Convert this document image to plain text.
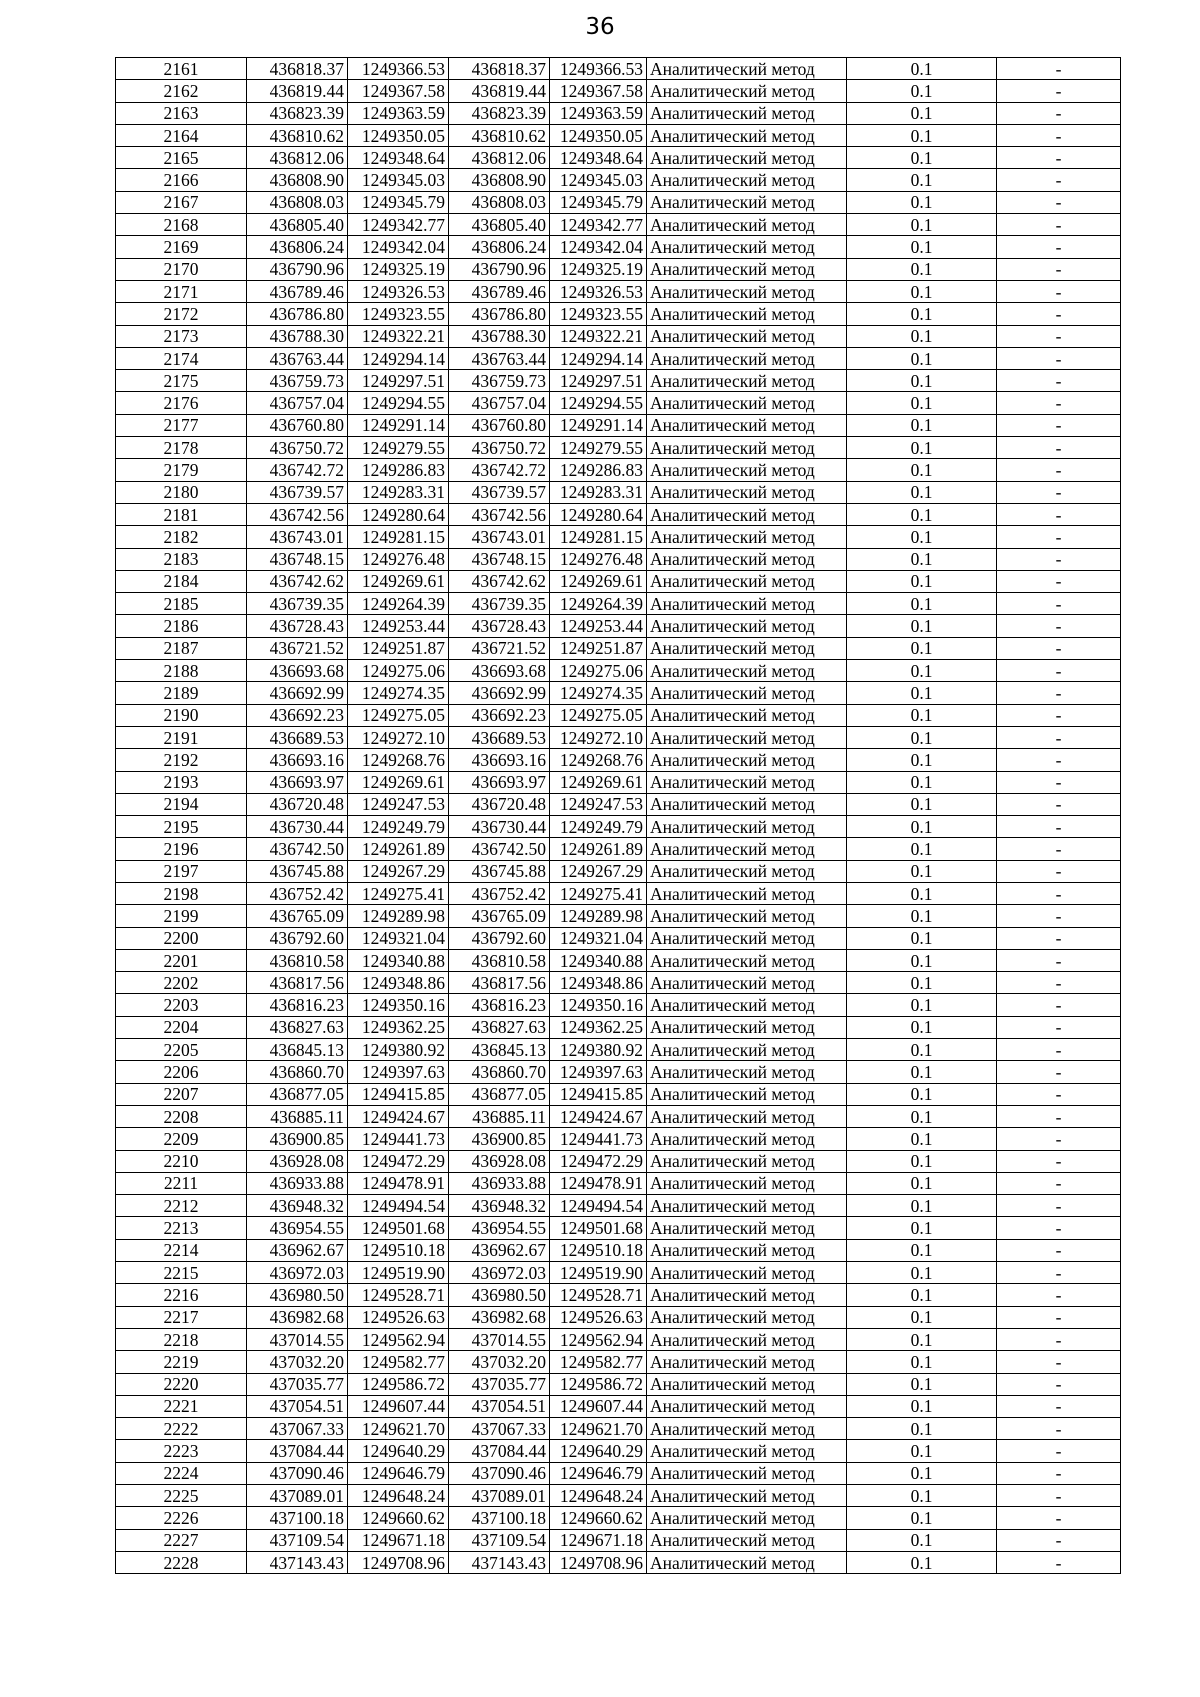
36
2161	436818.37	1249366.53	436818.37	1249366.53	Аналитический метод	0.1	-
2162	436819.44	1249367.58	436819.44	1249367.58	Аналитический метод	0.1	-
2163	436823.39	1249363.59	436823.39	1249363.59	Аналитический метод	0.1	-
2164	436810.62	1249350.05	436810.62	1249350.05	Аналитический метод	0.1	-
2165	436812.06	1249348.64	436812.06	1249348.64	Аналитический метод	0.1	-
2166	436808.90	1249345.03	436808.90	1249345.03	Аналитический метод	0.1	-
2167	436808.03	1249345.79	436808.03	1249345.79	Аналитический метод	0.1	-
2168	436805.40	1249342.77	436805.40	1249342.77	Аналитический метод	0.1	-
2169	436806.24	1249342.04	436806.24	1249342.04	Аналитический метод	0.1	-
2170	436790.96	1249325.19	436790.96	1249325.19	Аналитический метод	0.1	-
2171	436789.46	1249326.53	436789.46	1249326.53	Аналитический метод	0.1	-
2172	436786.80	1249323.55	436786.80	1249323.55	Аналитический метод	0.1	-
2173	436788.30	1249322.21	436788.30	1249322.21	Аналитический метод	0.1	-
2174	436763.44	1249294.14	436763.44	1249294.14	Аналитический метод	0.1	-
2175	436759.73	1249297.51	436759.73	1249297.51	Аналитический метод	0.1	-
2176	436757.04	1249294.55	436757.04	1249294.55	Аналитический метод	0.1	-
2177	436760.80	1249291.14	436760.80	1249291.14	Аналитический метод	0.1	-
2178	436750.72	1249279.55	436750.72	1249279.55	Аналитический метод	0.1	-
2179	436742.72	1249286.83	436742.72	1249286.83	Аналитический метод	0.1	-
2180	436739.57	1249283.31	436739.57	1249283.31	Аналитический метод	0.1	-
2181	436742.56	1249280.64	436742.56	1249280.64	Аналитический метод	0.1	-
2182	436743.01	1249281.15	436743.01	1249281.15	Аналитический метод	0.1	-
2183	436748.15	1249276.48	436748.15	1249276.48	Аналитический метод	0.1	-
2184	436742.62	1249269.61	436742.62	1249269.61	Аналитический метод	0.1	-
2185	436739.35	1249264.39	436739.35	1249264.39	Аналитический метод	0.1	-
2186	436728.43	1249253.44	436728.43	1249253.44	Аналитический метод	0.1	-
2187	436721.52	1249251.87	436721.52	1249251.87	Аналитический метод	0.1	-
2188	436693.68	1249275.06	436693.68	1249275.06	Аналитический метод	0.1	-
2189	436692.99	1249274.35	436692.99	1249274.35	Аналитический метод	0.1	-
2190	436692.23	1249275.05	436692.23	1249275.05	Аналитический метод	0.1	-
2191	436689.53	1249272.10	436689.53	1249272.10	Аналитический метод	0.1	-
2192	436693.16	1249268.76	436693.16	1249268.76	Аналитический метод	0.1	-
2193	436693.97	1249269.61	436693.97	1249269.61	Аналитический метод	0.1	-
2194	436720.48	1249247.53	436720.48	1249247.53	Аналитический метод	0.1	-
2195	436730.44	1249249.79	436730.44	1249249.79	Аналитический метод	0.1	-
2196	436742.50	1249261.89	436742.50	1249261.89	Аналитический метод	0.1	-
2197	436745.88	1249267.29	436745.88	1249267.29	Аналитический метод	0.1	-
2198	436752.42	1249275.41	436752.42	1249275.41	Аналитический метод	0.1	-
2199	436765.09	1249289.98	436765.09	1249289.98	Аналитический метод	0.1	-
2200	436792.60	1249321.04	436792.60	1249321.04	Аналитический метод	0.1	-
2201	436810.58	1249340.88	436810.58	1249340.88	Аналитический метод	0.1	-
2202	436817.56	1249348.86	436817.56	1249348.86	Аналитический метод	0.1	-
2203	436816.23	1249350.16	436816.23	1249350.16	Аналитический метод	0.1	-
2204	436827.63	1249362.25	436827.63	1249362.25	Аналитический метод	0.1	-
2205	436845.13	1249380.92	436845.13	1249380.92	Аналитический метод	0.1	-
2206	436860.70	1249397.63	436860.70	1249397.63	Аналитический метод	0.1	-
2207	436877.05	1249415.85	436877.05	1249415.85	Аналитический метод	0.1	-
2208	436885.11	1249424.67	436885.11	1249424.67	Аналитический метод	0.1	-
2209	436900.85	1249441.73	436900.85	1249441.73	Аналитический метод	0.1	-
2210	436928.08	1249472.29	436928.08	1249472.29	Аналитический метод	0.1	-
2211	436933.88	1249478.91	436933.88	1249478.91	Аналитический метод	0.1	-
2212	436948.32	1249494.54	436948.32	1249494.54	Аналитический метод	0.1	-
2213	436954.55	1249501.68	436954.55	1249501.68	Аналитический метод	0.1	-
2214	436962.67	1249510.18	436962.67	1249510.18	Аналитический метод	0.1	-
2215	436972.03	1249519.90	436972.03	1249519.90	Аналитический метод	0.1	-
2216	436980.50	1249528.71	436980.50	1249528.71	Аналитический метод	0.1	-
2217	436982.68	1249526.63	436982.68	1249526.63	Аналитический метод	0.1	-
2218	437014.55	1249562.94	437014.55	1249562.94	Аналитический метод	0.1	-
2219	437032.20	1249582.77	437032.20	1249582.77	Аналитический метод	0.1	-
2220	437035.77	1249586.72	437035.77	1249586.72	Аналитический метод	0.1	-
2221	437054.51	1249607.44	437054.51	1249607.44	Аналитический метод	0.1	-
2222	437067.33	1249621.70	437067.33	1249621.70	Аналитический метод	0.1	-
2223	437084.44	1249640.29	437084.44	1249640.29	Аналитический метод	0.1	-
2224	437090.46	1249646.79	437090.46	1249646.79	Аналитический метод	0.1	-
2225	437089.01	1249648.24	437089.01	1249648.24	Аналитический метод	0.1	-
2226	437100.18	1249660.62	437100.18	1249660.62	Аналитический метод	0.1	-
2227	437109.54	1249671.18	437109.54	1249671.18	Аналитический метод	0.1	-
2228	437143.43	1249708.96	437143.43	1249708.96	Аналитический метод	0.1	-
